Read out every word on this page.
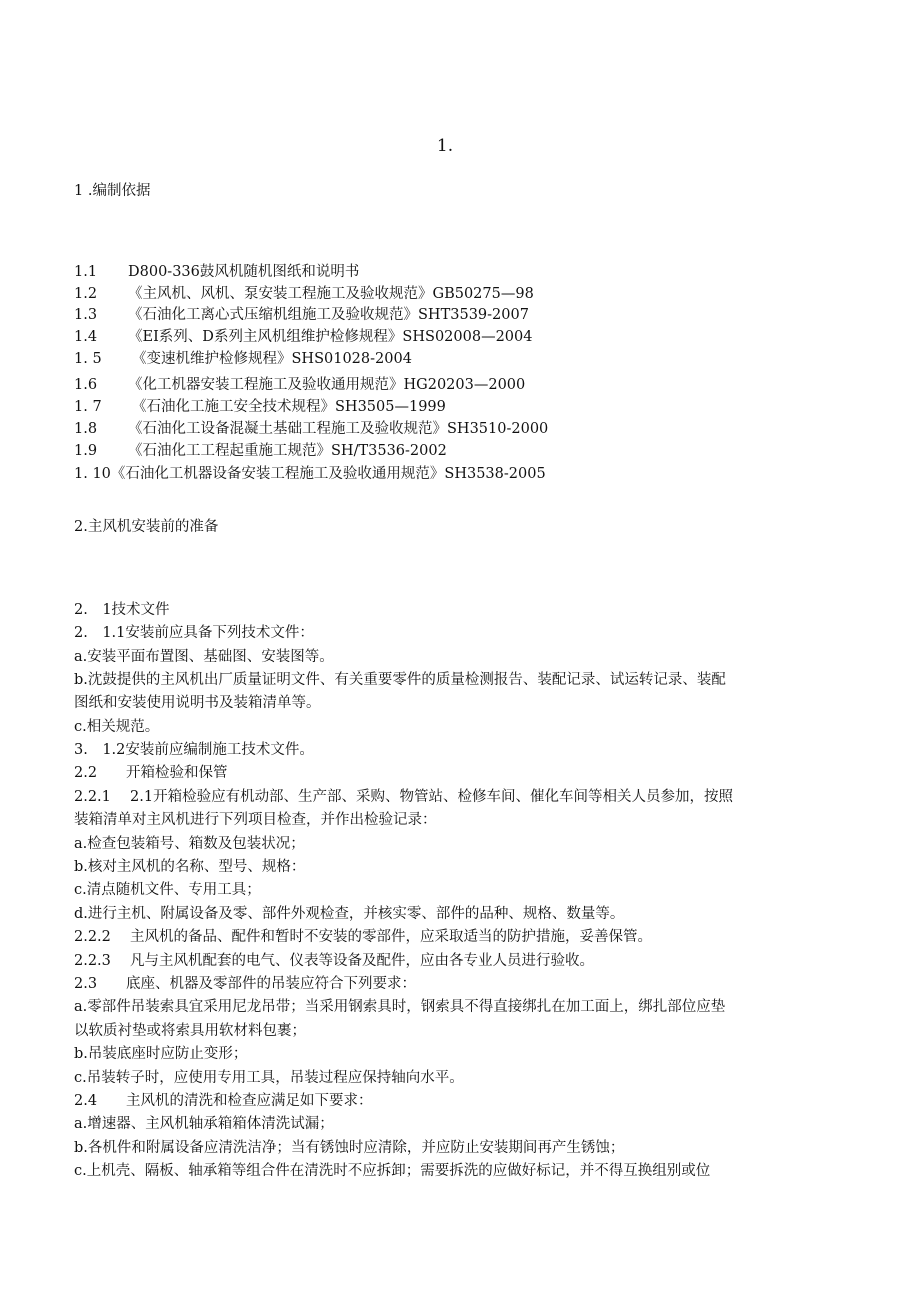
1.
1 .编制依据
1.1 D800-336鼓风机随机图纸和说明书
1.2 《主风机、风机、泵安装工程施工及验收规范》GB50275—98
1.3 《石油化工离心式压缩机组施工及验收规范》SHT3539-2007
1.4 《EI系列、D系列主风机组维护检修规程》SHS02008—2004
1. 5 《变速机维护检修规程》SHS01028-2004
1.6 《化工机器安装工程施工及验收通用规范》HG20203—2000
1. 7 《石油化工施工安全技术规程》SH3505—1999
1.8 《石油化工设备混凝土基础工程施工及验收规范》SH3510-2000
1.9 《石油化工工程起重施工规范》SH/T3536-2002
1. 10《石油化工机器设备安装工程施工及验收通用规范》SH3538-2005
2.主风机安装前的准备
2.　1技术文件
2.　1.1安装前应具备下列技术文件：
a.安装平面布置图、基础图、安装图等。
b.沈鼓提供的主风机出厂质量证明文件、有关重要零件的质量检测报告、装配记录、试运转记录、装配
图纸和安装使用说明书及装箱清单等。
c.相关规范。
3.　1.2安装前应编制施工技术文件。
2.2　　开箱检验和保管
2.2.1　 2.1开箱检验应有机动部、生产部、采购、物管站、检修车间、催化车间等相关人员参加，按照
装箱清单对主风机进行下列项目检查，并作出检验记录：
a.检查包装箱号、箱数及包装状况；
b.核对主风机的名称、型号、规格：
c.清点随机文件、专用工具；
d.进行主机、附属设备及零、部件外观检查，并核实零、部件的品种、规格、数量等。
2.2.2　 主风机的备品、配件和暂时不安装的零部件，应采取适当的防护措施，妥善保管。
2.2.3　 凡与主风机配套的电气、仪表等设备及配件，应由各专业人员进行验收。
2.3　　底座、机器及零部件的吊装应符合下列要求：
a.零部件吊装索具宜采用尼龙吊带；当采用钢索具时，钢索具不得直接绑扎在加工面上，绑扎部位应垫
以软质衬垫或将索具用软材料包裹；
b.吊装底座时应防止变形；
c.吊装转子时，应使用专用工具，吊装过程应保持轴向水平。
2.4　　主风机的清洗和检查应满足如下要求：
a.增速器、主风机轴承箱箱体清洗试漏；
b.各机件和附属设备应清洗洁净；当有锈蚀时应清除，并应防止安装期间再产生锈蚀；
c.上机壳、隔板、轴承箱等组合件在清洗时不应拆卸；需要拆洗的应做好标记，并不得互换组别或位
